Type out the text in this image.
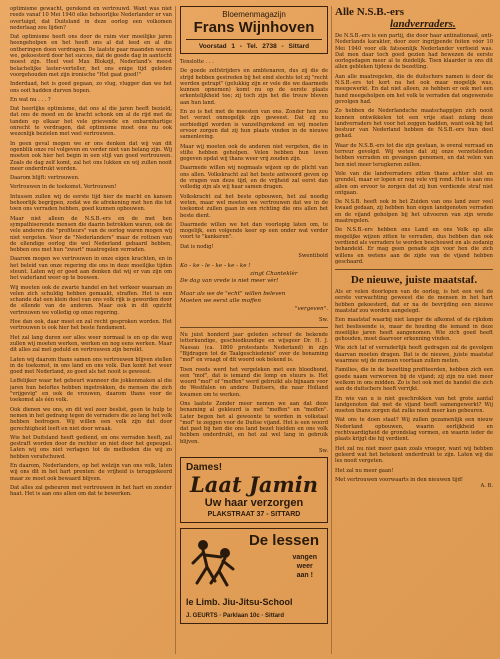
optimisme gewacht, gerekend en vertrouwd. Want was niet reeds vanaf 10 Mei 1940 elke behoorlijke Nederlander er van overtuigd, dat Duitsland in deze oorlog een volkomen nederlaag zou lijden?

Dat optimisme heeft ons door de ruim vier moeilijke jaren heengeholpen en het heeft ons al dat leed en al die ontberingen doen verdragen. De laatste paar maanden waren we, gekoesterd door het succes, dat de goede dag in aantocht moest zijn. Heel veel Max Blokzijl, Nederland's meest belachelijke laster-verteller, het ons enige tijd geleden voorgehouden met zijn ironische "Het gaat goed!"

Inderdaad, het is goed gegaan, zo vlug, vlugger dan we het ons ooit hadden durven hopen.

En wat nu . . . ?

Dat heerlijke optimisme, dat ons al die jaren heeft bezield, dat ons de moed en de kracht schonk om al de rijd met de tanden op elkaar het vele grievende en onbarmhartige onrecht te verdragen, dat optimisme moet ons nu ook wezenlijk bezielen met veel vertrouwen.

In geen geval mogen we er ons denken dat wij van dit ogenblik onze rol volgeven en verder niet van belang zijn. Wij moeten ook hier het begin in een stijl van goed vertrouwen. Zoals de dag zelf komt, zal het ons lukken en wij zullen nooit meer onderdrukt worden.

Daarom blijft: vertrouwen.

Vertrouwen in de toekomst. Vertrouwen!

Intussen zullen wij de eerste tijd hier de macht en kansen behoorlijk begrijpen, zodat we de afrekening met hen die tot toen ons verraden hebben, goed kunnen opbouwen.

Maar niet alleen de N.S.B.-ers en de met hen sympathiserende mensen die daarin betrokken waren, ook de vele anderen die "profiteurs" van de oorlog waren mogen wij niet vergeten. Voor de "Nederlanders" maar de rottoen van de ellendige oorlog die wel Nederland gebaard hebben, hebben ons met hun "zwart" maatregelen verraden.

Daarom mogen we vertrouwen in onze eigen krachten, en in het beleid van onze regering die ons in deze moeilijke tijden steunt. Laten wij er goed aan denken dat wij er van zijn om het vaderland weer op te bouwen.

Wij moeten ook de zwarte handel en het verkeer waaraan zo velen zich schuldig hebben gemaakt, straffen. Het is een schande dat een klein deel van ons volk rijk is geworden door de ellende van de anderen. Maar ook in dit opzicht vertrouwen we volledig op onze regering.

Hoe dan ook, daar moet en zal recht gesproken worden. Het vertrouwen is ook hier het beste fundament.

Het zal lang duren eer alles weer normaal is en op die weg zullen wij moeten werken, werken en nog eens werken. Maar dit alles zal met geduld en vertrouwen zijn bereikt.

Laten wij daarom thans samen ons vertrouwen blijven stellen in de toekomst, in ons land en ons volk. Dan komt het weer goed met Nederland, zo goed als het nooit is geweest.

Leffelijker waar het gebeurt wanneer die jokkenmaken al die jaren hun beloftes hebben ingetrokken, de mensen die zich "vrijgevig" en ook de vrouwen, daarom thans voor de toekomst als één volk.

Ook dienen we ons, en dit wel zeer beslist, geen te hulp te nemen in het gedrang tegen de verraders die zo lang het volk hebben bedrogen. Wij willen een volk zijn dat door gerechtigheid leeft en niet door wraak.

Wie het Duitsland heeft gediend, en ons verraden heeft, zal gestraft worden door de rechter en niet door het gepeupel. Laten wij ons niet verlagen tot de methoden die wij zo hebben verafschuwd.

En daarom, Nederlanders, op het welzijn van ons volk, laten wij ons dit in het hart prenten: de vrijheid is teruggekeerd maar ze moet ook bewaard blijven.

Dat alles zal gebeuren met vertrouwen in het hart en zonder haat. Het is aan ons allen om dat te bewerken.

Bloemenmagazijn
Frans Wijnhoven
Voorstad 1 - Tel. 2738 - Sittard

Tenslotte . . .

De goede zelfstrijders en ambtenaren, dus zij die de strijd hebben gestreden bij het eind slechts tot zij "recht werden getrapt" (gelukkig zijn er vele die we daarmede kunnen opnemen) komt nu op de eerste plaats erkentelijkheid toe; zij toch zijn het die trouw bleven aan hun land.

En zo is het met de meesten van ons. Zonder hen zou het verzet onmogelijk zijn geweest. Dat zij nu eerbiedigd worden is vanzelfsprekend en wij moeten ervoor zorgen dat zij hun plaats vinden in de nieuwe samenleving.

Maar wij moeten ook de anderen niet vergeten, die in stilte hebben geholpen. Velen hebben hun leven gegeven opdat wij thans weer vrij zouden zijn.

Daarmede willen wij nogmaals wijzen op de plicht van ons allen. Volkskracht zal het beste antwoord geven op de vragen van deze tijd, en de vrijheid zal eerst dan volledig zijn als wij haar samen dragen.

Volkskracht zal het beste opbouwen, het zal noodig weten, maar wel moeten we vertrouwen dat we in de toekomst zullen gaan in een richting die ons allen het beste dient.

Daarmede willen we het dan voorlopig laten om, te mogelijk, een volgende keer op een onder wat verder voort te "kankeren".

Dat is nodig!

Swentibold
Ko - ke - le - ke - ke - ke !
zingt Chanteklèr
De dag van vrede is niet meer vèr!
Maar als we de "echt" willen beleven
Moeten we eerst alle moffen
"vergeven".
Sw.

Nu juist honderd jaar geleden schreef de bekende letterkundige, geschiedkundige en wijsgeer Dr. H. J. Nassau (ca. 1800 protestants Nederland) in zijn "Bijdragen tot de Taalgeschiedenis" over de benaming "mof" en vraagt of dit woord ook bekend is.

Toen reeds werd het vergeleken met een bloedhond, een "mof", dat is iemand die lomp en stuurs is. Het woord "mof" of "moffen" werd gebruikt als bijnaam voor de Westfalen en andere Duitsers, die naar Holland kwamen om te werken.

Ons laatste Zonder meer nemen we aan dat deze benaming al gekleurd is met "moffen" en "moffen". Later begon het al gewoonte te worden in volkstaal "mof" te zeggen voor de Duitse vijand. Het is een woord dat past bij hen die ons land bezet hielden en ons volk hebben onderdrukt, en het zal wel lang in gebruik blijven.

Sw.
Dames!
Laat Jamin
Uw haar verzorgen
PLAKSTRAAT 37 - SITTARD
De lessen
vangen
weer
aan !
le Limb. Jiu-Jitsu-School
J. GEURTS · Parklaan 10c · Sittard
Alle N.S.B.-ers
landverraders.

De N.S.B.-ers is een partij, die door haar antinationaal, anti-Nederlands karakter, door zeer ingrijpende feiten vóór 10 Mei 1940 voor elk fatsoenlijk Nederlander verfoeid was. Dat men daar toch goed gezien had bewezen de eerste oorlogsdagen meer al te duidelijk. Toen klaarder is ons dit allen gebleken tijdens de bezetting.

Aan alle maatregelen, die de duitschers namen is door de N.S.B.-ers tot kort na het ook maar mogelijk was, meegewerkt. En dat niet alleen, ze hebben er ook met een hand meegeholpen om het volk te verraden dat ongewenste gevolgen had.

Zo hebben de Nederlandsche maatschappijen zich nooit kunnen ontwikkelen tot een vrije staat zolang deze landverraders het voor het zeggen hadden, want ook bij het bestuur van Nederland hebben de N.S.B.-ers hun deel gehad.

Waar de N.S.B.-ers tot die zijn gestaan, is overal verraad en terreur gevolgd. Wij weten dat zij onze verzetslieden hebben verraden en gevangen genomen, en dat velen van hen niet meer terugkeren zullen.

Vele van die landverraders zitten thans achter slot en grendel, maar er lopen er nog vele vrij rond. Het is aan ons allen om ervoor te zorgen dat zij hun verdiende straf niet ontgaan.

De N.S.B. heeft ook in het Zuiden van ons land zeer veel kwaad gedaan, zij hebben hun eigen landgenoten verraden en de vijand geholpen bij het uitvoeren van zijn wrede maatregelen.

De N.S.B.-ers hebben ons Land en ons Volk op alle mogelijke wijzen zitten te verraden, dus hebben dan ook verdiend als verraders te worden beschouwd en als zodanig behandeld. Er mag geen genade zijn voor hen die zich willens en wetens aan de zijde van de vijand hebben geschaard.

De nieuwe, juiste maatstaf.

Als er velen doorlopen van de oorlog, is het een wel de eerste verwachting geweest die de mensen in het hart hebben gekoesterd, dat er na de bevrijding een nieuwe maatstaf zou worden aangelegd.

Een maatstaf waarbij niet langer de afkomst of de rijkdom het beslissende is, maar de houding die iemand in deze moeilijke jaren heeft aangenomen. Wie zich goed heeft gehouden, moet daarvoor erkenning vinden.

Wie zich laf of verraderlijk heeft gedragen zal de gevolgen daarvan moeten dragen. Dat is de nieuwe, juiste maatstaf waarmee wij de mensen voortaan zullen meten.

Families, die in de bezetting profiteerden, hebben zich een goede naam verworven bij de vijand; zij zijn nu niet meer welkom in ons midden. Zo is het ook met de handel die zich aan de duitschers heeft verrijkt.

En wie van u is niet geschrokken van het grote aantal landgenoten dat met de vijand heeft samengewerkt? Wij moeten thans zorgen dat zulks nooit meer kan gebeuren.

Wat ons te doen staat? Wij zullen gezamenlijk een nieuw Nederland opbouwen, waarin eerlijkheid en rechtvaardigheid de grondslag vormen, en waarin ieder de plaats krijgt die hij verdient.

Het zal nu niet meer gaan zoals vroeger, want wij hebben geleerd wat het betekent onderdrukt te zijn. Laten wij die les nooit vergeten.

Het zal nu meer gaan!

Met vertrouwen voorwaarts in den nieuwen tijd!

A. B.
